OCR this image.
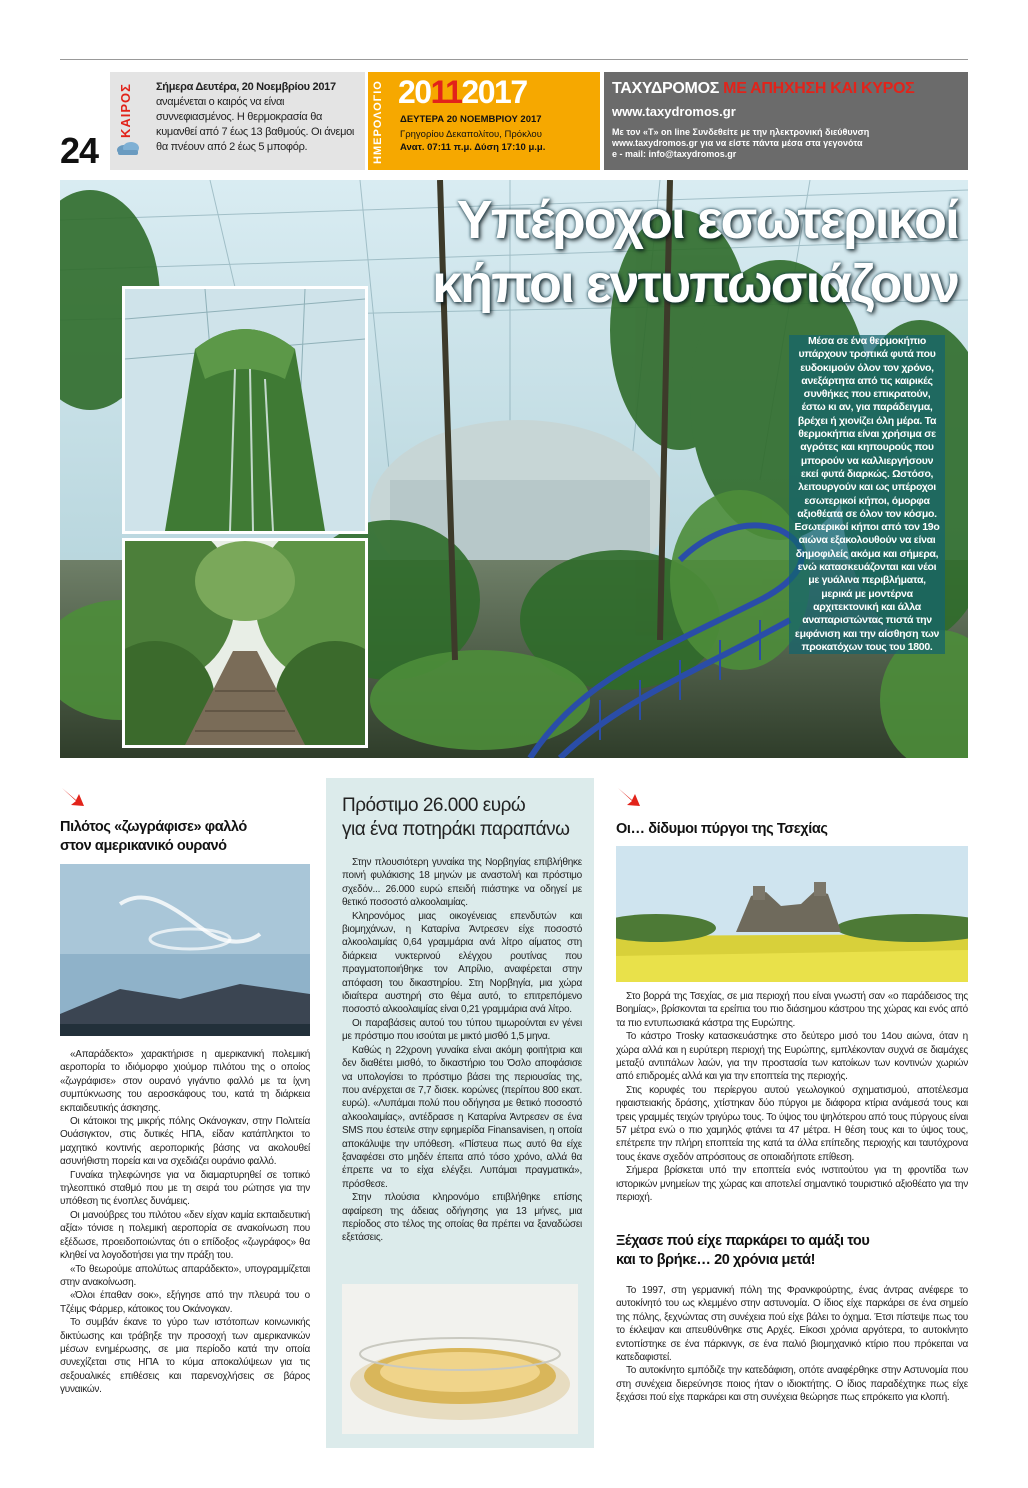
24
ΚΑΙΡΟΣ Σήμερα Δευτέρα, 20 Νοεμβρίου 2017 αναμένεται ο καιρός να είναι συννεφιασμένος. Η θερμοκρασία θα κυμανθεί από 7 έως 13 βαθμούς. Οι άνεμοι θα πνέουν από 2 έως 5 μποφόρ.	ΗΜΕΡΟΛΟΓΙΟ 20112017
ΔΕΥΤΕΡΑ 20 ΝΟΕΜΒΡΙΟΥ 2017
Γρηγορίου Δεκαπολίτου, Πρόκλου
Ανατ. 07:11 π.μ. Δύση 17:10 μ.μ.
ΤΑΧΥΔΡΟΜΟΣ ΜΕ ΑΠΗΧΗΣΗ ΚΑΙ ΚΥΡΟΣ
www.taxydromos.gr
Με τον «Τ» on line Συνδεθείτε με την ηλεκτρονική διεύθυνση
www.taxydromos.gr για να είστε πάντα μέσα στα γεγονότα
e - mail: info@taxydromos.gr
Υπέροχοι εσωτερικοί
κήποι εντυπωσιάζουν
Μέσα σε ένα θερμοκήπιο υπάρχουν τροπικά φυτά που ευδοκιμούν όλον τον χρόνο, ανεξάρτητα από τις καιρικές συνθήκες που επικρατούν, έστω κι αν, για παράδειγμα, βρέχει ή χιονίζει όλη μέρα. Τα θερμοκήπια είναι χρήσιμα σε αγρότες και κηπουρούς που μπορούν να καλλιεργήσουν εκεί φυτά διαρκώς. Ωστόσο, λειτουργούν και ως υπέροχοι εσωτερικοί κήποι, όμορφα αξιοθέατα σε όλον τον κόσμο. Εσωτερικοί κήποι από τον 19ο αιώνα εξακολουθούν να είναι δημοφιλείς ακόμα και σήμερα, ενώ κατασκευάζονται και νέοι με γυάλινα περιβλήματα, μερικά με μοντέρνα αρχιτεκτονική και άλλα αναπαριστώντας πιστά την εμφάνιση και την αίσθηση των προκατόχων τους του 1800.
Πιλότος «ζωγράφισε» φαλλό
στον αμερικανικό ουρανό

«Απαράδεκτο» χαρακτήρισε η αμερικανική πολεμική αεροπορία το ιδιόμορφο χιούμορ πιλότου της ο οποίος «ζωγράφισε» στον ουρανό γιγάντιο φαλλό με τα ίχνη συμπύκνωσης του αεροσκάφους του, κατά τη διάρκεια εκπαιδευτικής άσκησης.

Οι κάτοικοι της μικρής πόλης Οκάνογκαν, στην Πολιτεία Ουάσιγκτον, στις δυτικές ΗΠΑ, είδαν κατάπληκτοι το μαχητικό κοντινής αεροπορικής βάσης να ακολουθεί ασυνήθιστη πορεία και να σχεδιάζει ουράνιο φαλλό.

Γυναίκα τηλεφώνησε για να διαμαρτυρηθεί σε τοπικό τηλεοπτικό σταθμό που με τη σειρά του ρώτησε για την υπόθεση τις ένοπλες δυνάμεις.

Οι μανούβρες του πιλότου «δεν είχαν καμία εκπαιδευτική αξία» τόνισε η πολεμική αεροπορία σε ανακοίνωση που εξέδωσε, προειδοποιώντας ότι ο επίδοξος «ζωγράφος» θα κληθεί να λογοδοτήσει για την πράξη του.

«Το θεωρούμε απολύτως απαράδεκτο», υπογραμμίζεται στην ανακοίνωση.

«Όλοι έπαθαν σοκ», εξήγησε από την πλευρά του ο Τζέιμς Φάρμερ, κάτοικος του Οκάνογκαν.

Το συμβάν έκανε το γύρο των ιστότοπων κοινωνικής δικτύωσης και τράβηξε την προσοχή των αμερικανικών μέσων ενημέρωσης, σε μια περίοδο κατά την οποία συνεχίζεται στις ΗΠΑ το κύμα αποκαλύψεων για τις σεξουαλικές επιθέσεις και παρενοχλήσεις σε βάρος γυναικών.

Πρόστιμο 26.000 ευρώ
για ένα ποτηράκι παραπάνω

Στην πλουσιότερη γυναίκα της Νορβηγίας επιβλήθηκε ποινή φυλάκισης 18 μηνών με αναστολή και πρόστιμο σχεδόν... 26.000 ευρώ επειδή πιάστηκε να οδηγεί με θετικό ποσοστό αλκοολαιμίας.

Κληρονόμος μιας οικογένειας επενδυτών και βιομηχάνων, η Καταρίνα Άντρεσεν είχε ποσοστό αλκοολαιμίας 0,64 γραμμάρια ανά λίτρο αίματος στη διάρκεια νυκτερινού ελέγχου ρουτίνας που πραγματοποιήθηκε τον Απρίλιο, αναφέρεται στην απόφαση του δικαστηρίου. Στη Νορβηγία, μια χώρα ιδιαίτερα αυστηρή στο θέμα αυτό, το επιτρεπόμενο ποσοστό αλκοολαιμίας είναι 0,21 γραμμάρια ανά λίτρο.

Οι παραβάσεις αυτού του τύπου τιμωρούνται εν γένει με πρόστιμο που ισούται με μικτό μισθό 1,5 μηνα.

Καθώς η 22χρονη γυναίκα είναι ακόμη φοιτήτρια και δεν διαθέτει μισθό, το δικαστήριο του Όσλο αποφάσισε να υπολογίσει το πρόστιμο βάσει της περιουσίας της, που ανέρχεται σε 7,7 δισεκ. κορώνες (περίπου 800 εκατ. ευρώ). «Λυπάμαι πολύ που οδήγησα με θετικό ποσοστό αλκοολαιμίας», αντέδρασε η Καταρίνα Άντρεσεν σε ένα SMS που έστειλε στην εφημερίδα Finansavisen, η οποία αποκάλυψε την υπόθεση. «Πίστευα πως αυτό θα είχε ξαναφέσει στο μηδέν έπειτα από τόσο χρόνο, αλλά θα έπρεπε να το είχα ελέγξει. Λυπάμαι πραγματικά», πρόσθεσε.

Στην πλούσια κληρονόμο επιβλήθηκε επίσης αφαίρεση της άδειας οδήγησης για 13 μήνες, μια περίοδος στο τέλος της οποίας θα πρέπει να ξαναδώσει εξετάσεις.

Οι… δίδυμοι πύργοι της Τσεχίας

Στο βορρά της Τσεχίας, σε μια περιοχή που είναι γνωστή σαν «ο παράδεισος της Βοημίας», βρίσκονται τα ερείπια του πιο διάσημου κάστρου της χώρας και ενός από τα πιο εντυπωσιακά κάστρα της Ευρώπης.

Το κάστρο Trosky κατασκευάστηκε στο δεύτερο μισό του 14ου αιώνα, όταν η χώρα αλλά και η ευρύτερη περιοχή της Ευρώπης, εμπλέκονταν συχνά σε διαμάχες μεταξύ αντιπάλων λαών, για την προστασία των κατοίκων των κοντινών χωριών από επιδρομές αλλά και για την εποπτεία της περιοχής.

Στις κορυφές του περίεργου αυτού γεωλογικού σχηματισμού, αποτέλεσμα ηφαιστειακής δράσης, χτίστηκαν δύο πύργοι με διάφορα κτίρια ανάμεσά τους και τρεις γραμμές τειχών τριγύρω τους. Το ύψος του ψηλότερου από τους πύργους είναι 57 μέτρα ενώ ο πιο χαμηλός φτάνει τα 47 μέτρα. Η θέση τους και το ύψος τους, επέτρεπε την πλήρη εποπτεία της κατά τα άλλα επίπεδης περιοχής και ταυτόχρονα τους έκανε σχεδόν απρόσιτους σε οποιαδήποτε επίθεση.

Σήμερα βρίσκεται υπό την εποπτεία ενός ινστιτούτου για τη φροντίδα των ιστορικών μνημείων της χώρας και αποτελεί σημαντικό τουριστικό αξιοθέατο για την περιοχή.

Ξέχασε πού είχε παρκάρει το αμάξι του
και το βρήκε… 20 χρόνια μετά!

Το 1997, στη γερμανική πόλη της Φρανκφούρτης, ένας άντρας ανέφερε το αυτοκίνητό του ως κλεμμένο στην αστυνομία. Ο ίδιος είχε παρκάρει σε ένα σημείο της πόλης, ξεχνώντας στη συνέχεια πού είχε βάλει το όχημα. Έτσι πίστεψε πως του το έκλεψαν και απευθύνθηκε στις Αρχές. Είκοσι χρόνια αργότερα, το αυτοκίνητο εντοπίστηκε σε ένα πάρκινγκ, σε ένα παλιό βιομηχανικό κτίριο που πρόκειται να κατεδαφιστεί.

Το αυτοκίνητο εμπόδιζε την κατεδάφιση, οπότε αναφέρθηκε στην Αστυνομία που στη συνέχεια διερεύνησε ποιος ήταν ο ιδιοκτήτης. Ο ίδιος παραδέχτηκε πως είχε ξεχάσει πού είχε παρκάρει και στη συνέχεια θεώρησε πως επρόκειτο για κλοπή.
